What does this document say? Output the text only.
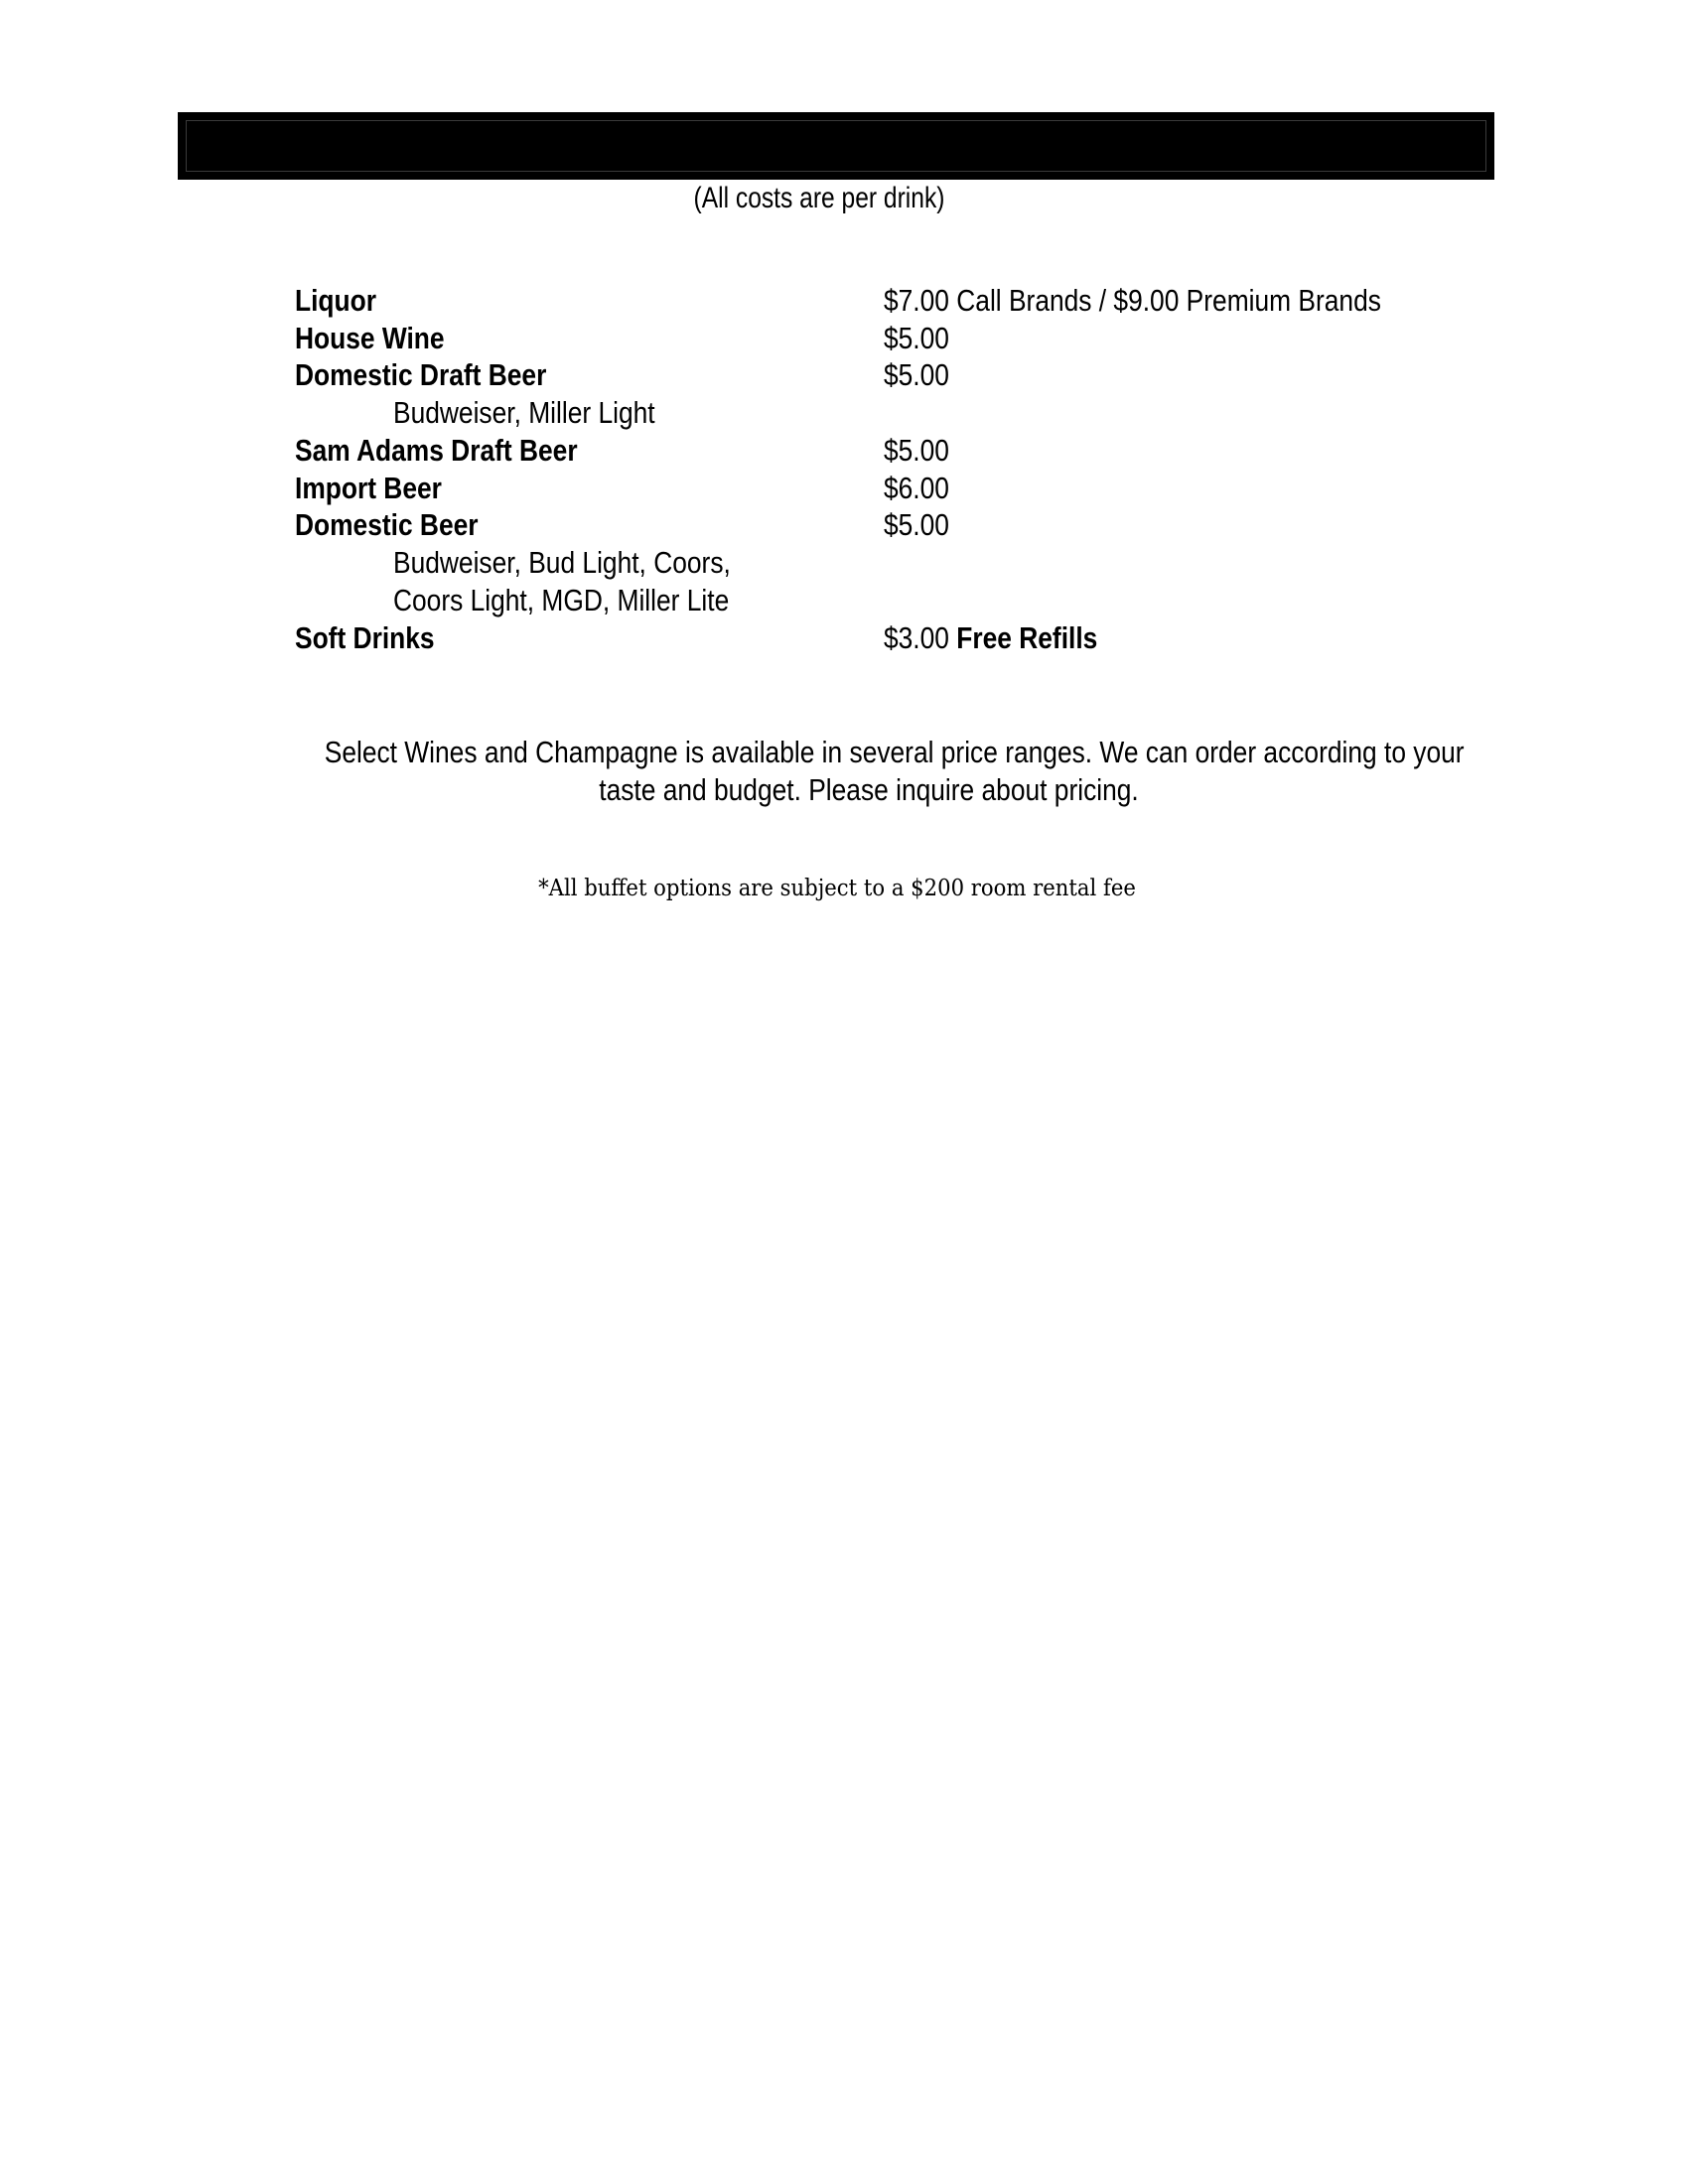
(All costs are per drink)
Liquor	$7.00 Call Brands / $9.00 Premium Brands
House Wine	$5.00
Domestic Draft Beer	$5.00
Budweiser, Miller Light
Sam Adams Draft Beer	$5.00
Import Beer	$6.00
Domestic Beer	$5.00
Budweiser, Bud Light, Coors,
Coors Light, MGD, Miller Lite
Soft Drinks	$3.00 Free Refills
Select Wines and Champagne is available in several price ranges. We can order according to your
taste and budget. Please inquire about pricing.
*All buffet options are subject to a $200 room rental fee
